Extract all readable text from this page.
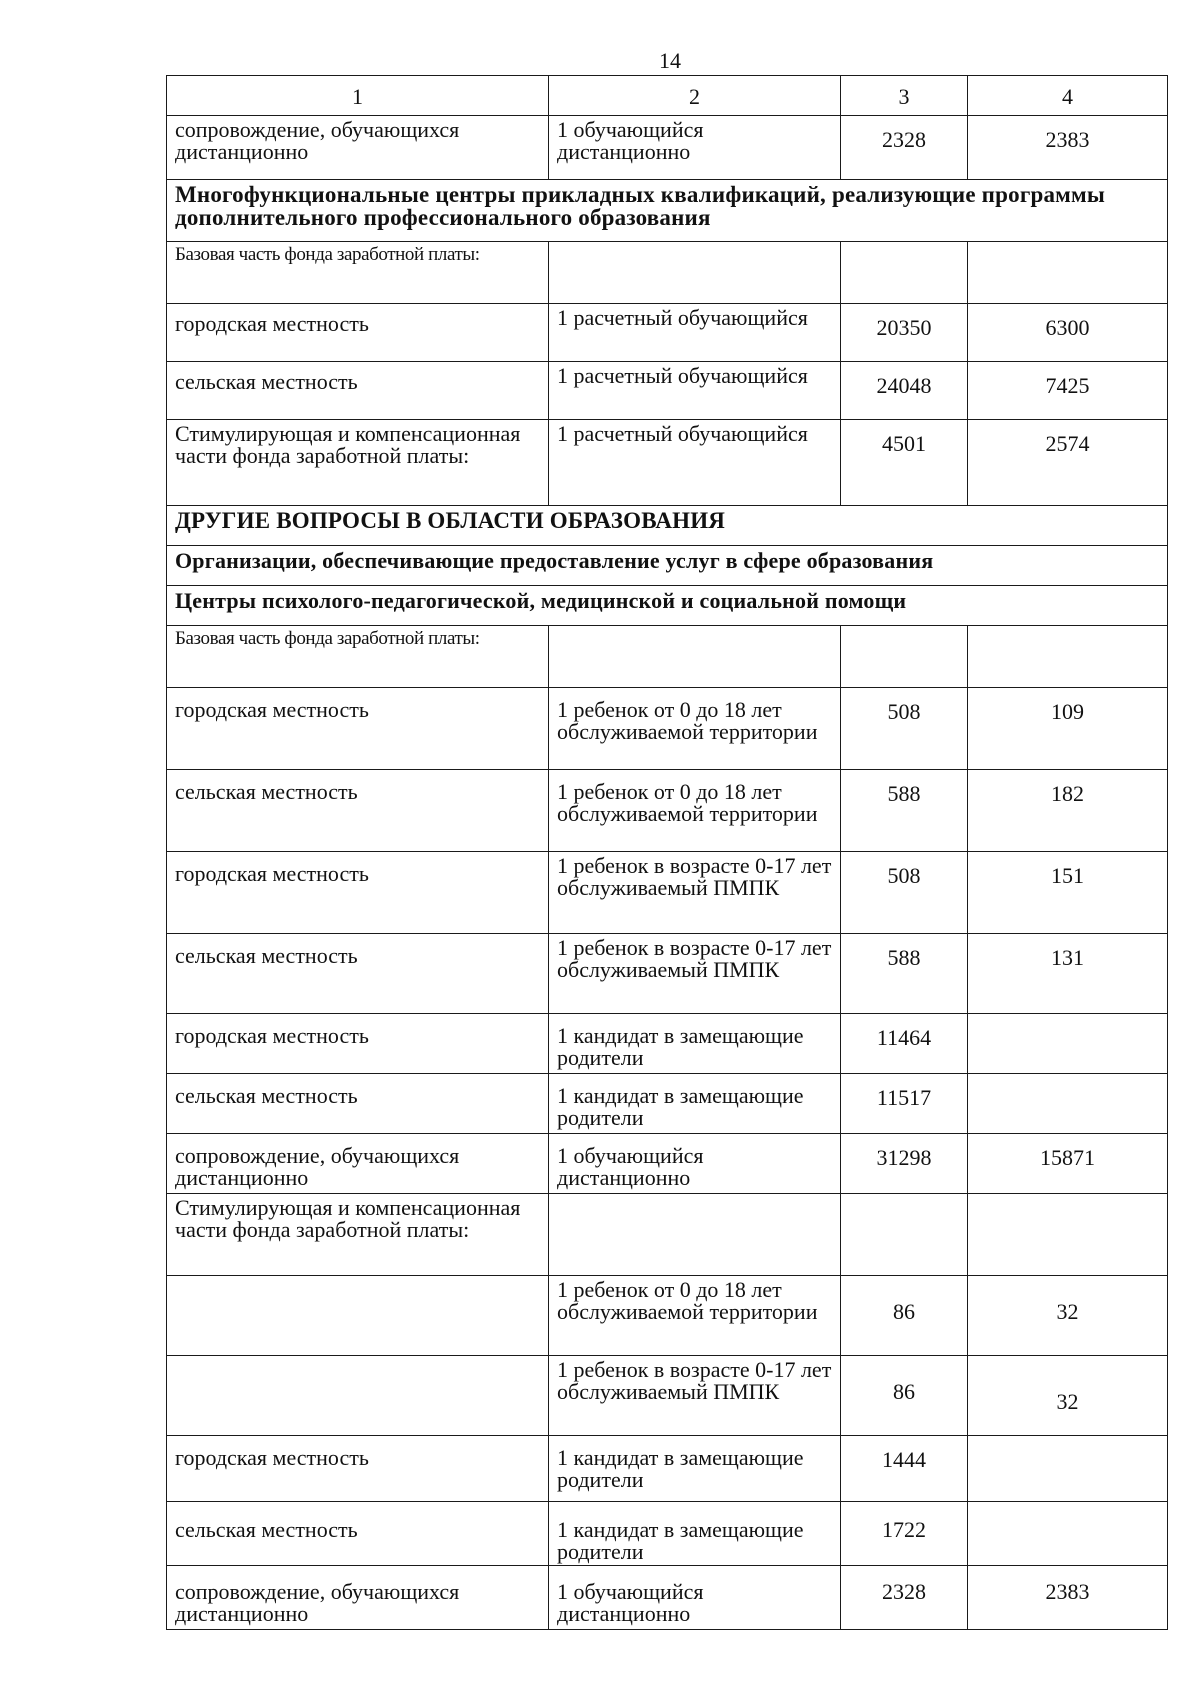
14
1	2	3	4
сопровождение, обучающихся дистанционно	1 обучающийся дистанционно	2328	2383

Многофункциональные центры прикладных квалификаций, реализующие программы дополнительного профессионального образования			
Базовая часть фонда заработной платы:			

городская местность	1 расчетный обучающийся	20350	6300

сельская местность	1 расчетный обучающийся	24048	7425

Стимулирующая и компенсационная части фонда заработной платы:	1 расчетный обучающийся	4501	2574

ДРУГИЕ ВОПРОСЫ В ОБЛАСТИ ОБРАЗОВАНИЯ			
Организации, обеспечивающие предоставление услуг в сфере образования			
Центры психолого-педагогической, медицинской и социальной помощи			
Базовая часть фонда заработной платы:			

городская местность	1 ребенок от 0 до 18 лет обслуживаемой территории	508	109

сельская местность	1 ребенок от 0 до 18 лет обслуживаемой территории	588	182

городская местность	1 ребенок в возрасте 0-17 лет обслуживаемый ПМПК	508	151

сельская местность	1 ребенок в возрасте 0-17 лет обслуживаемый ПМПК	588	131

городская местность	1 кандидат в замещающие родители	11464	

сельская местность	1 кандидат в замещающие родители	11517	

сопровождение, обучающихся дистанционно	1 обучающийся дистанционно	31298	15871

Стимулирующая и компенсационная части фонда заработной платы:			
	1 ребенок от 0 до 18 лет обслуживаемой территории	86	32

	1 ребенок в возрасте 0-17 лет обслуживаемый ПМПК	86	32

городская местность	1 кандидат в замещающие родители	1444	

сельская местность	1 кандидат в замещающие родители	1722	

сопровождение, обучающихся дистанционно	1 обучающийся дистанционно	2328	2383
